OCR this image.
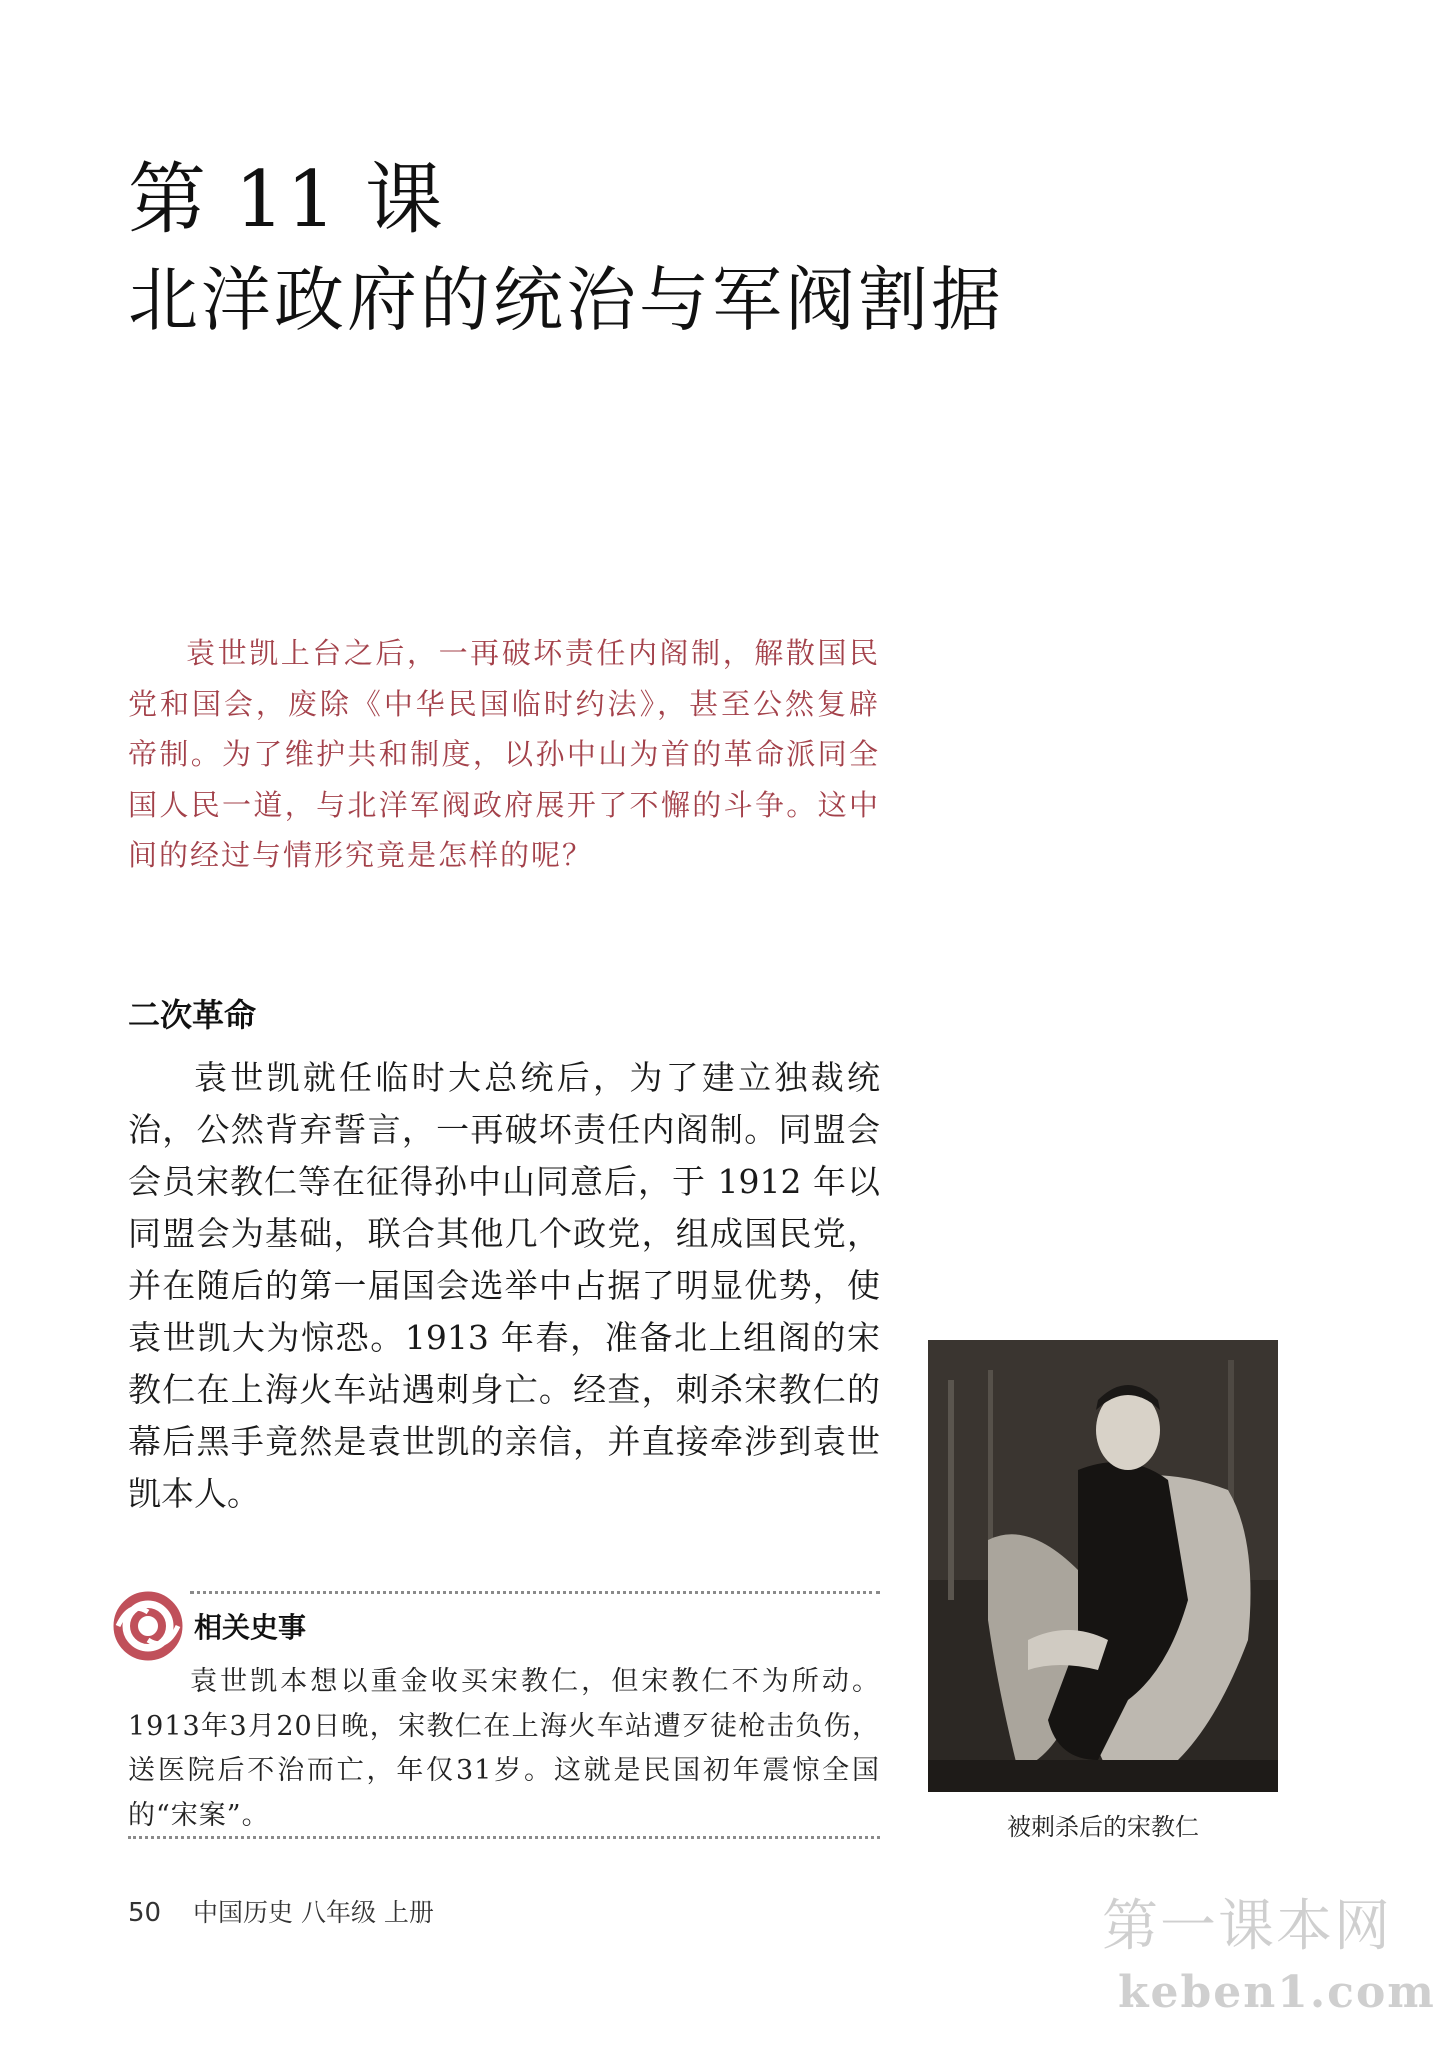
第 11 课
北洋政府的统治与军阀割据

袁世凯上台之后，一再破坏责任内阁制，解散国民党和国会，废除《中华民国临时约法》，甚至公然复辟帝制。为了维护共和制度，以孙中山为首的革命派同全国人民一道，与北洋军阀政府展开了不懈的斗争。这中间的经过与情形究竟是怎样的呢？

二次革命

袁世凯就任临时大总统后，为了建立独裁统治，公然背弃誓言，一再破坏责任内阁制。同盟会会员宋教仁等在征得孙中山同意后，于 1912 年以同盟会为基础，联合其他几个政党，组成国民党，并在随后的第一届国会选举中占据了明显优势，使袁世凯大为惊恐。1913 年春，准备北上组阁的宋教仁在上海火车站遇刺身亡。经查，刺杀宋教仁的幕后黑手竟然是袁世凯的亲信，并直接牵涉到袁世凯本人。

被刺杀后的宋教仁

相关史事

袁世凯本想以重金收买宋教仁，但宋教仁不为所动。1913年3月20日晚，宋教仁在上海火车站遭歹徒枪击负伤，送医院后不治而亡，年仅31岁。这就是民国初年震惊全国的“宋案”。

50 中国历史 八年级 上册	第一课本网

keben1.com
